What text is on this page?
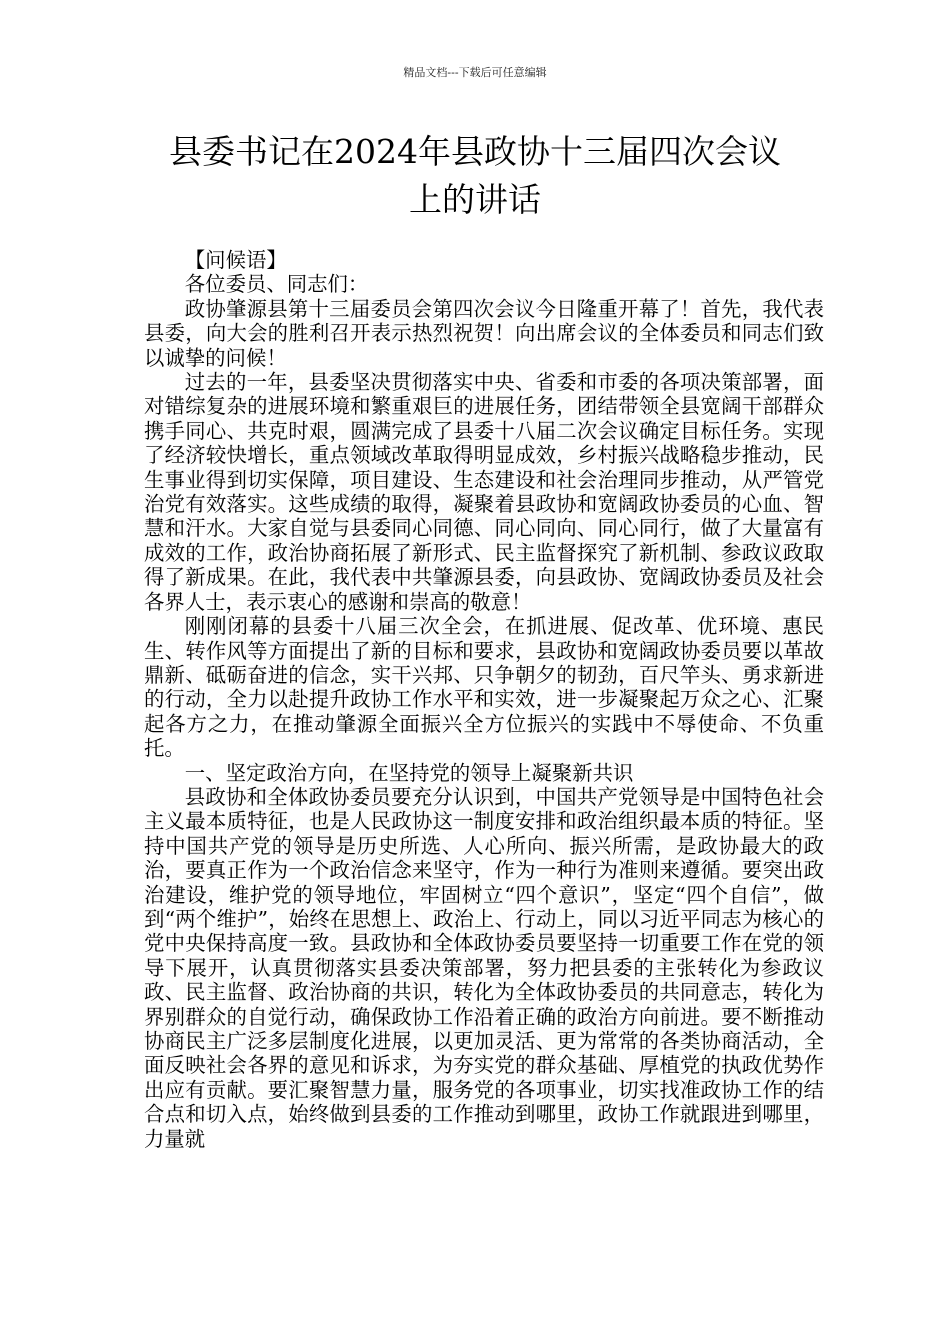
精品文档---下载后可任意编辑
县委书记在2024年县政协十三届四次会议
上的讲话

【问候语】

各位委员、同志们：

政协肇源县第十三届委员会第四次会议今日隆重开幕了！首先，我代表县委，向大会的胜利召开表示热烈祝贺！向出席会议的全体委员和同志们致以诚挚的问候！

过去的一年，县委坚决贯彻落实中央、省委和市委的各项决策部署，面对错综复杂的进展环境和繁重艰巨的进展任务，团结带领全县宽阔干部群众携手同心、共克时艰，圆满完成了县委十八届二次会议确定目标任务。实现了经济较快增长，重点领域改革取得明显成效，乡村振兴战略稳步推动，民生事业得到切实保障，项目建设、生态建设和社会治理同步推动，从严管党治党有效落实。这些成绩的取得，凝聚着县政协和宽阔政协委员的心血、智慧和汗水。大家自觉与县委同心同德、同心同向、同心同行，做了大量富有成效的工作，政治协商拓展了新形式、民主监督探究了新机制、参政议政取得了新成果。在此，我代表中共肇源县委，向县政协、宽阔政协委员及社会各界人士，表示衷心的感谢和崇高的敬意！

刚刚闭幕的县委十八届三次全会，在抓进展、促改革、优环境、惠民生、转作风等方面提出了新的目标和要求，县政协和宽阔政协委员要以革故鼎新、砥砺奋进的信念，实干兴邦、只争朝夕的韧劲，百尺竿头、勇求新进的行动，全力以赴提升政协工作水平和实效，进一步凝聚起万众之心、汇聚起各方之力，在推动肇源全面振兴全方位振兴的实践中不辱使命、不负重托。

一、坚定政治方向，在坚持党的领导上凝聚新共识

县政协和全体政协委员要充分认识到，中国共产党领导是中国特色社会主义最本质特征，也是人民政协这一制度安排和政治组织最本质的特征。坚持中国共产党的领导是历史所选、人心所向、振兴所需，是政协最大的政治，要真正作为一个政治信念来坚守，作为一种行为准则来遵循。要突出政治建设，维护党的领导地位，牢固树立“四个意识”，坚定“四个自信”，做到“两个维护”，始终在思想上、政治上、行动上，同以习近平同志为核心的党中央保持高度一致。县政协和全体政协委员要坚持一切重要工作在党的领导下展开，认真贯彻落实县委决策部署，努力把县委的主张转化为参政议政、民主监督、政治协商的共识，转化为全体政协委员的共同意志，转化为界别群众的自觉行动，确保政协工作沿着正确的政治方向前进。要不断推动协商民主广泛多层制度化进展，以更加灵活、更为常常的各类协商活动，全面反映社会各界的意见和诉求，为夯实党的群众基础、厚植党的执政优势作出应有贡献。要汇聚智慧力量，服务党的各项事业，切实找准政协工作的结合点和切入点，始终做到县委的工作推动到哪里，政协工作就跟进到哪里，力量就
